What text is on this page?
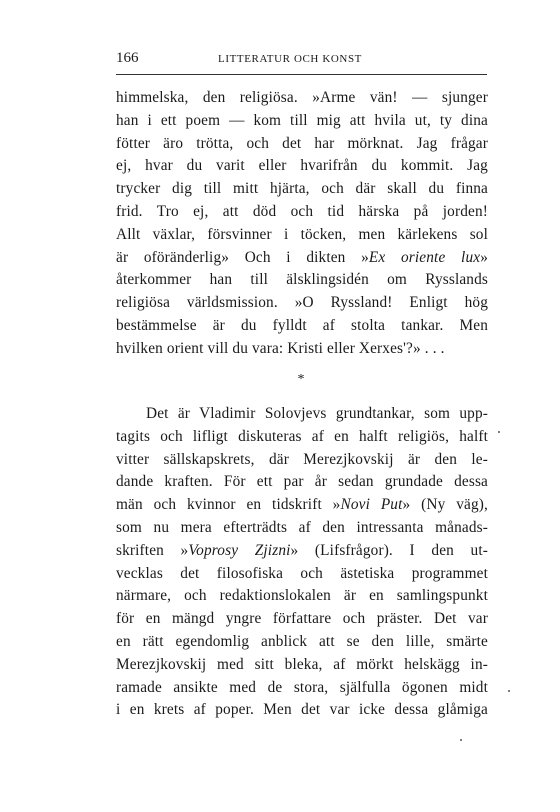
166	LITTERATUR OCH KONST
himmelska, den religiösa. »Arme vän! — sjunger
han i ett poem — kom till mig att hvila ut, ty dina
fötter äro trötta, och det har mörknat. Jag frågar
ej, hvar du varit eller hvarifrån du kommit. Jag
trycker dig till mitt hjärta, och där skall du finna
frid. Tro ej, att död och tid härska på jorden!
Allt växlar, försvinner i töcken, men kärlekens sol
är oföränderlig» Och i dikten »Ex oriente lux»
återkommer han till älsklingsidén om Rysslands
religiösa världsmission. »O Ryssland! Enligt hög
bestämmelse är du fylldt af stolta tankar. Men
hvilken orient vill du vara: Kristi eller Xerxes'?» . . .
*
Det är Vladimir Solovjevs grundtankar, som upp-
tagits och lifligt diskuteras af en halft religiös, halft
vitter sällskapskrets, där Merezjkovskij är den le-
dande kraften. För ett par år sedan grundade dessa
män och kvinnor en tidskrift »Novi Put» (Ny väg),
som nu mera efterträdts af den intressanta månads-
skriften »Voprosy Zjizni» (Lifsfrågor). I den ut-
vecklas det filosofiska och ästetiska programmet
närmare, och redaktionslokalen är en samlingspunkt
för en mängd yngre författare och präster. Det var
en rätt egendomlig anblick att se den lille, smärte
Merezjkovskij med sitt bleka, af mörkt helskägg in-
ramade ansikte med de stora, själfulla ögonen midt
i en krets af poper. Men det var icke dessa glåmiga
